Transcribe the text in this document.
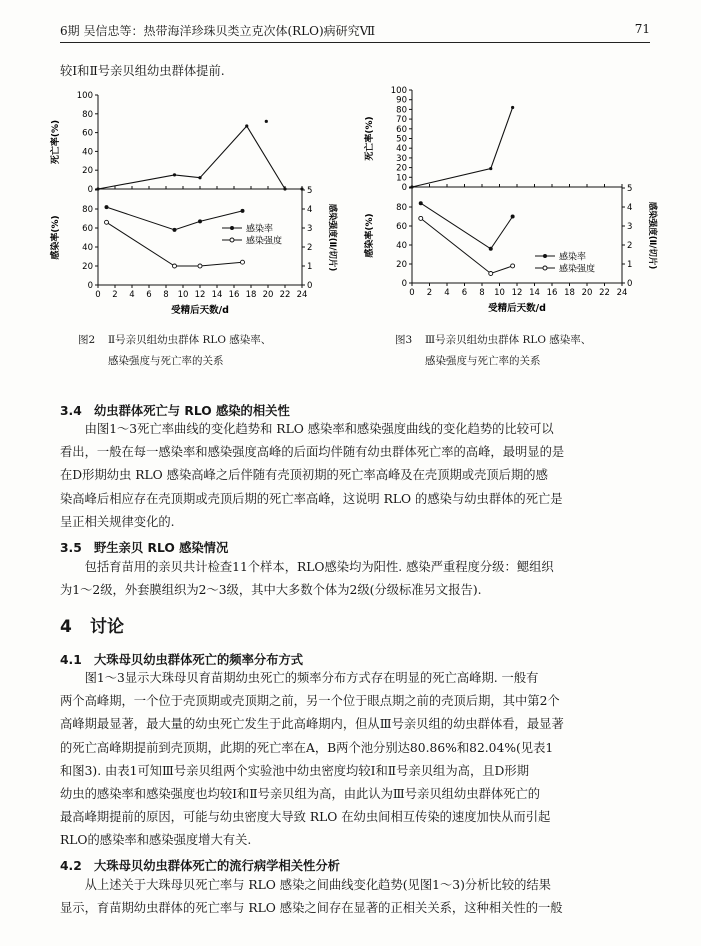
6期 吴信忠等：热带海洋珍珠贝类立克次体(RLO)病研究Ⅶ	71

较Ⅰ和Ⅱ号亲贝组幼虫群体提前.

20
40
60
80
100
0
0
20
40
60
80
0
1
2
3
4
5
0 2 4 6 8 10 12 14 16 18 20 22 24
死亡率(%)
感染率(%)	感染强度(Ⅱ/切片)
受精后天数/d
感染率
感染强度
10
20
30
40
50
60
70
80
90
100
0
0
20
40
60
80
0
1
2
3
4
5
0 2 4 6 8 10 12 14 16 18 20 22 24
死亡率(%)
感染率(%)	感染强度(Ⅱ/切片)
受精后天数/d
感染率
感染强度
图2 Ⅱ号亲贝组幼虫群体 RLO 感染率、
感染强度与死亡率的关系
图3 Ⅲ号亲贝组幼虫群体 RLO 感染率、
感染强度与死亡率的关系
3.4 幼虫群体死亡与 RLO 感染的相关性
由图1～3死亡率曲线的变化趋势和 RLO 感染率和感染强度曲线的变化趋势的比较可以
看出，一般在每一感染率和感染强度高峰的后面均伴随有幼虫群体死亡率的高峰，最明显的是
在D形期幼虫 RLO 感染高峰之后伴随有壳顶初期的死亡率高峰及在壳顶期或壳顶后期的感
染高峰后相应存在壳顶期或壳顶后期的死亡率高峰，这说明 RLO 的感染与幼虫群体的死亡是
呈正相关规律变化的.
3.5 野生亲贝 RLO 感染情况
包括育苗用的亲贝共计检查11个样本，RLO感染均为阳性. 感染严重程度分级：鳃组织
为1～2级，外套膜组织为2～3级，其中大多数个体为2级(分级标准另文报告).
4 讨论
4.1 大珠母贝幼虫群体死亡的频率分布方式
图1～3显示大珠母贝育苗期幼虫死亡的频率分布方式存在明显的死亡高峰期. 一般有
两个高峰期，一个位于壳顶期或壳顶期之前，另一个位于眼点期之前的壳顶后期，其中第2个
高峰期最显著，最大量的幼虫死亡发生于此高峰期内，但从Ⅲ号亲贝组的幼虫群体看，最显著
的死亡高峰期提前到壳顶期，此期的死亡率在A，B两个池分别达80.86%和82.04%(见表1
和图3). 由表1可知Ⅲ号亲贝组两个实验池中幼虫密度均较Ⅰ和Ⅱ号亲贝组为高，且D形期
幼虫的感染率和感染强度也均较Ⅰ和Ⅱ号亲贝组为高，由此认为Ⅲ号亲贝组幼虫群体死亡的
最高峰期提前的原因，可能与幼虫密度大导致 RLO 在幼虫间相互传染的速度加快从而引起
RLO的感染率和感染强度增大有关.
4.2 大珠母贝幼虫群体死亡的流行病学相关性分析
从上述关于大珠母贝死亡率与 RLO 感染之间曲线变化趋势(见图1～3)分析比较的结果
显示，育苗期幼虫群体的死亡率与 RLO 感染之间存在显著的正相关关系，这种相关性的一般
